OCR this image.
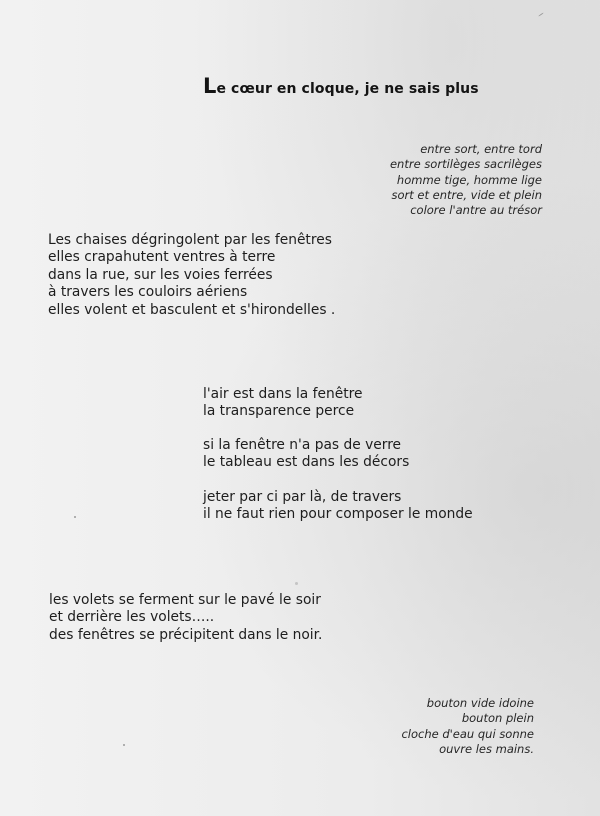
Le cœur en cloque, je ne sais plus
entre sort, entre tord
entre sortilèges sacrilèges
homme tige, homme lige
sort et entre, vide et plein
colore l'antre au trésor
Les chaises dégringolent par les fenêtres
elles crapahutent ventres à terre
dans la rue, sur les voies ferrées
à travers les couloirs aériens
elles volent et basculent et s'hirondelles .
l'air est dans la fenêtre
la transparence perce
si la fenêtre n'a pas de verre
le tableau est dans les décors
jeter par ci par là, de travers
il ne faut rien pour composer le monde
les volets se ferment sur le pavé le soir
et derrière les volets…..
des fenêtres se précipitent dans le noir.
bouton vide idoine
bouton plein
cloche d'eau qui sonne
ouvre les mains.
